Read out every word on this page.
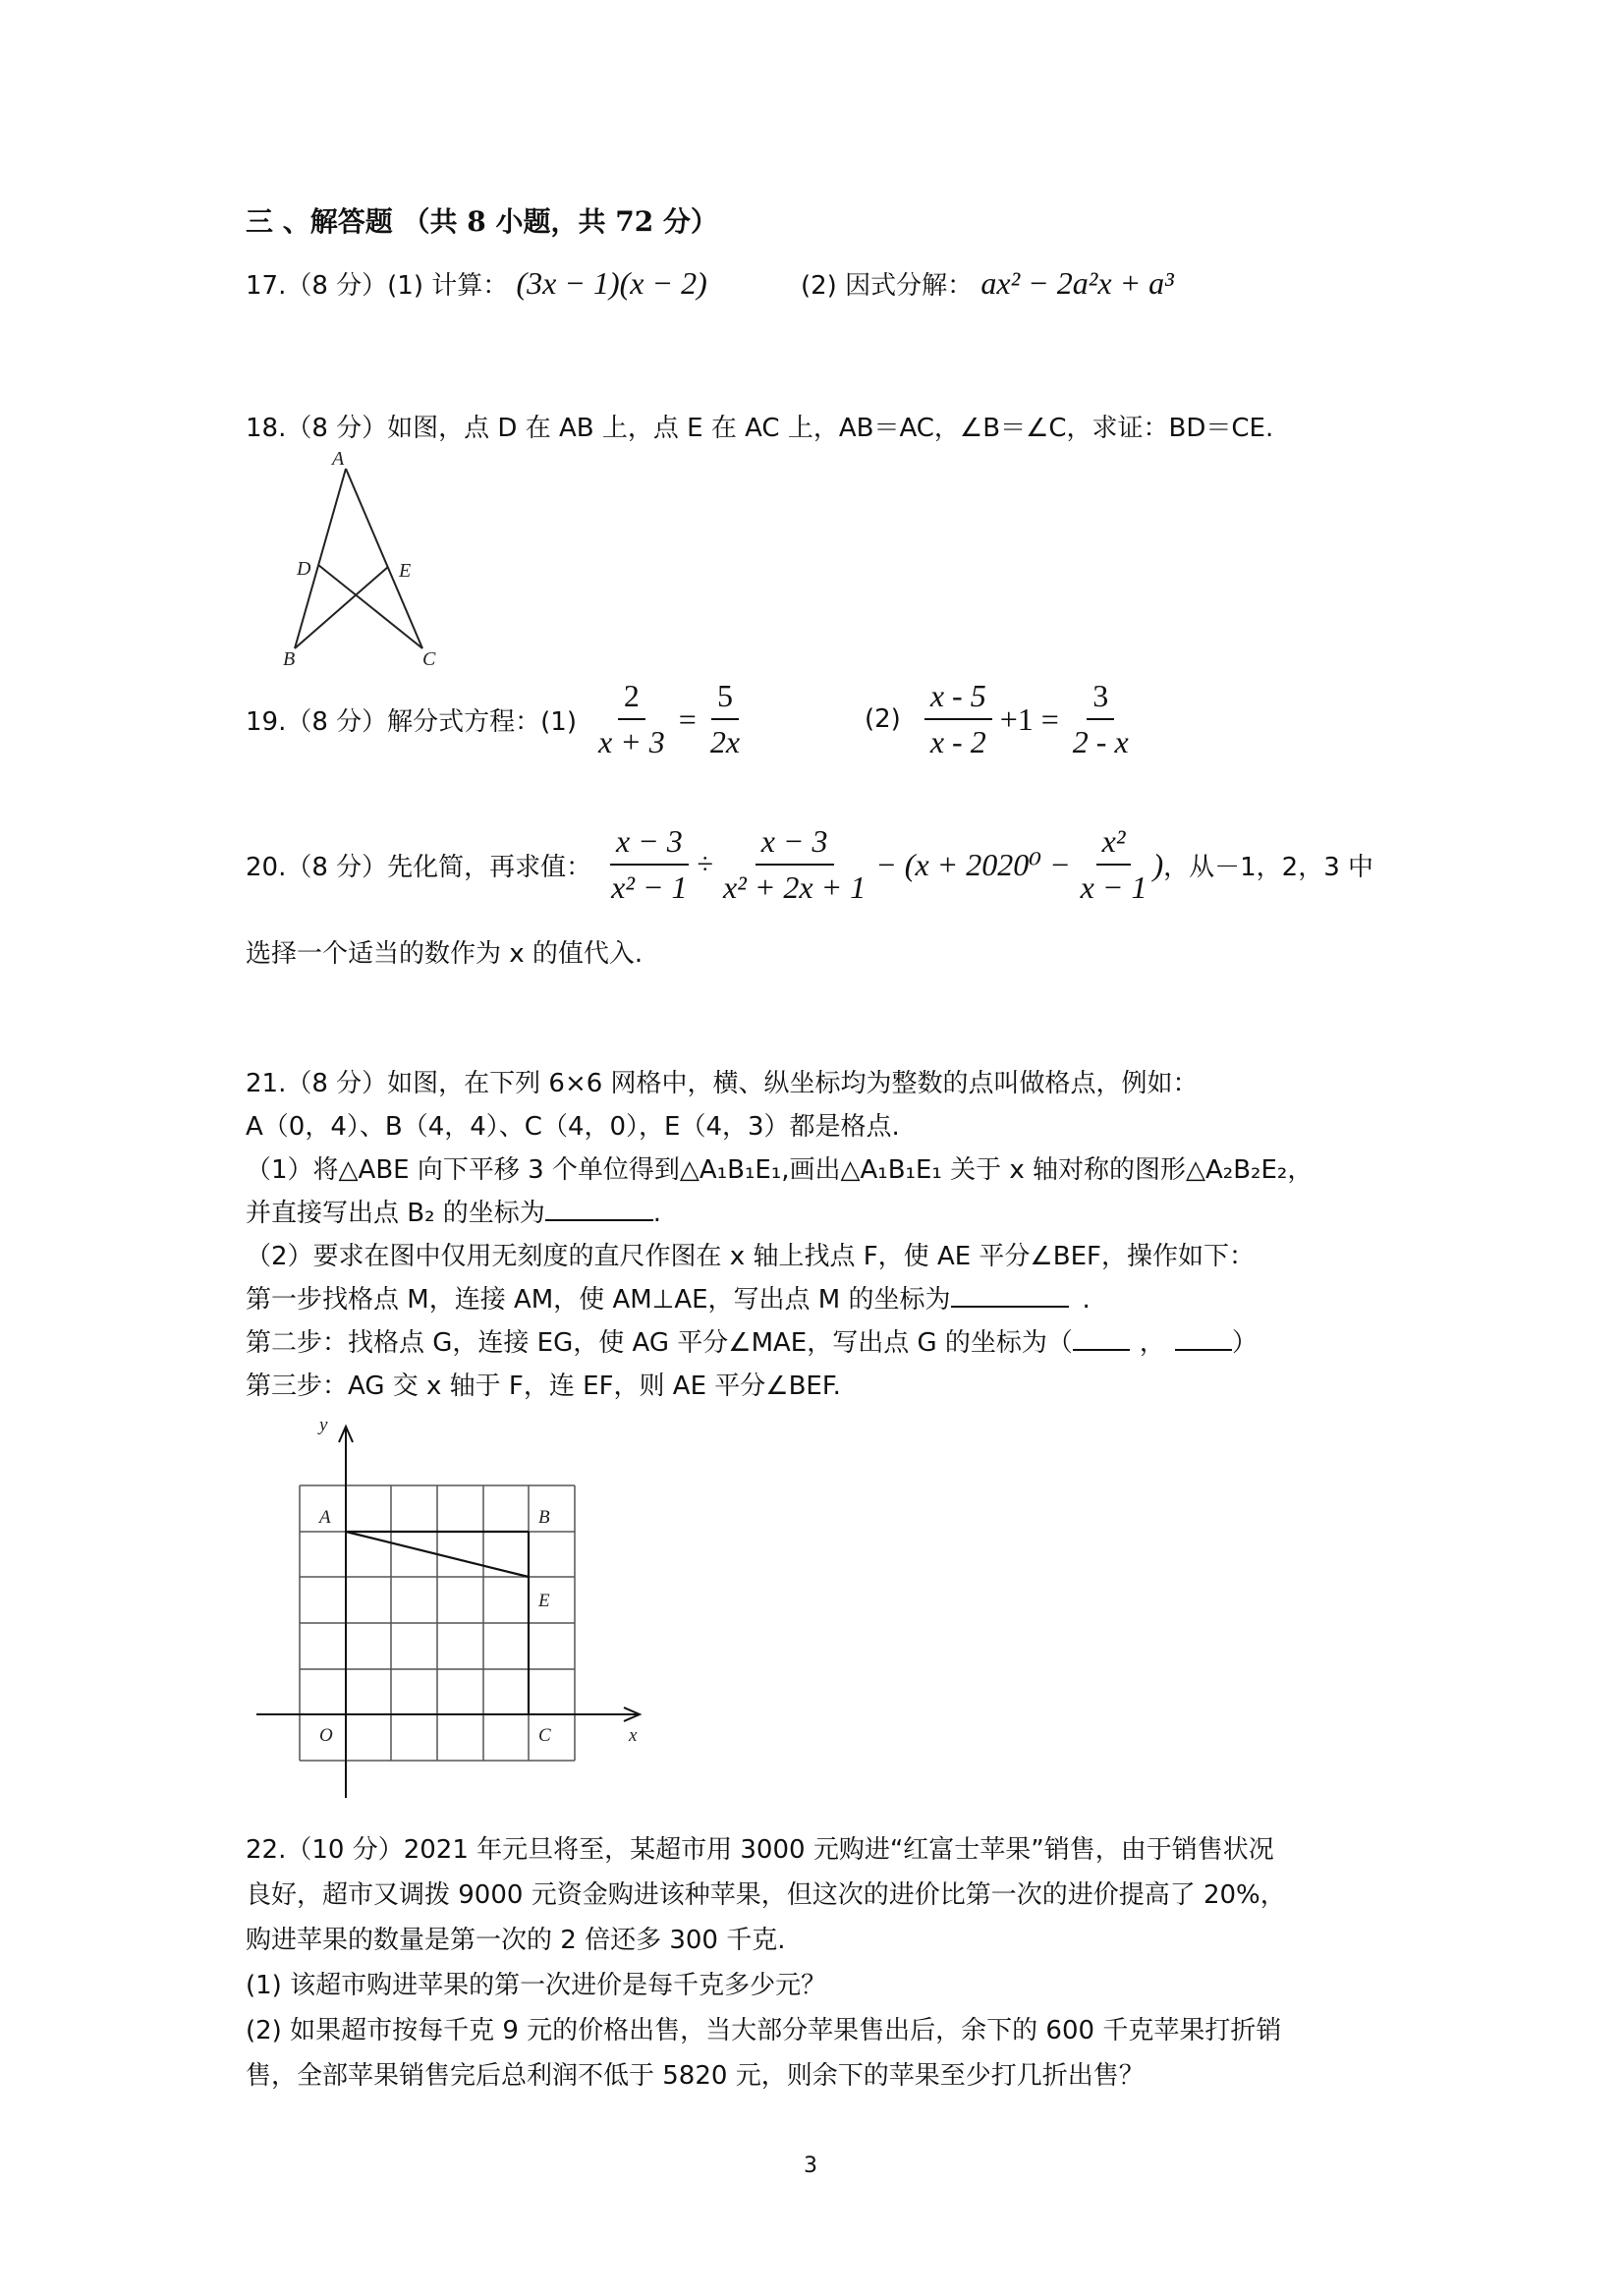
三 、解答题 （共 8 小题，共 72 分）
17.（8 分）(1) 计算： (3x − 1)(x − 2)	(2) 因式分解： ax² − 2a²x + a³
18.（8 分）如图，点 D 在 AB 上，点 E 在 AC 上，AB＝AC，∠B＝∠C，求证：BD＝CE.
A
D	E
B	C
19.（8 分）解分式方程：$(1) \frac{2}{x + 3} = \frac{5}{2x}$	$(2) \frac{x - 5}{x - 2} +1 = \frac{3}{2 - x}$
20.（8 分）先化简，再求值： $\frac{x - 3}{\text{x² − 1}} \div \frac{x - 3}{\text{x² + 2x + 1}} - (x + 2020^0 - \frac{\text{x²}}{x - 1}$ ) ，从－1，2，3 中
选择一个适当的数作为 x 的值代入.
21.（8 分）如图，在下列 6×6 网格中，横、纵坐标均为整数的点叫做格点，例如：
A（0，4）、B（4，4）、C（4，0），E（4，3）都是格点.
（1）将△ABE 向下平移 3 个单位得到△A₁B₁E₁,画出△A₁B₁E₁ 关于 x 轴对称的图形△A₂B₂E₂，
并直接写出点 B₂ 的坐标为	.
（2）要求在图中仅用无刻度的直尺作图在 x 轴上找点 F，使 AE 平分∠BEF，操作如下：
第一步找格点 M，连接 AM，使 AM⊥AE，写出点 M 的坐标为	.
第二步：找格点 G，连接 EG，使 AG 平分∠MAE，写出点 G 的坐标为（	，	）
第三步：AG 交 x 轴于 F，连 EF，则 AE 平分∠BEF.
y
x
A	B
E
O	C
22.（10 分）2021 年元旦将至，某超市用 3000 元购进“红富士苹果”销售，由于销售状况
良好，超市又调拨 9000 元资金购进该种苹果，但这次的进价比第一次的进价提高了 20%，
购进苹果的数量是第一次的 2 倍还多 300 千克.
(1) 该超市购进苹果的第一次进价是每千克多少元？
(2) 如果超市按每千克 9 元的价格出售，当大部分苹果售出后，余下的 600 千克苹果打折销
售，全部苹果销售完后总利润不低于 5820 元，则余下的苹果至少打几折出售？
3
